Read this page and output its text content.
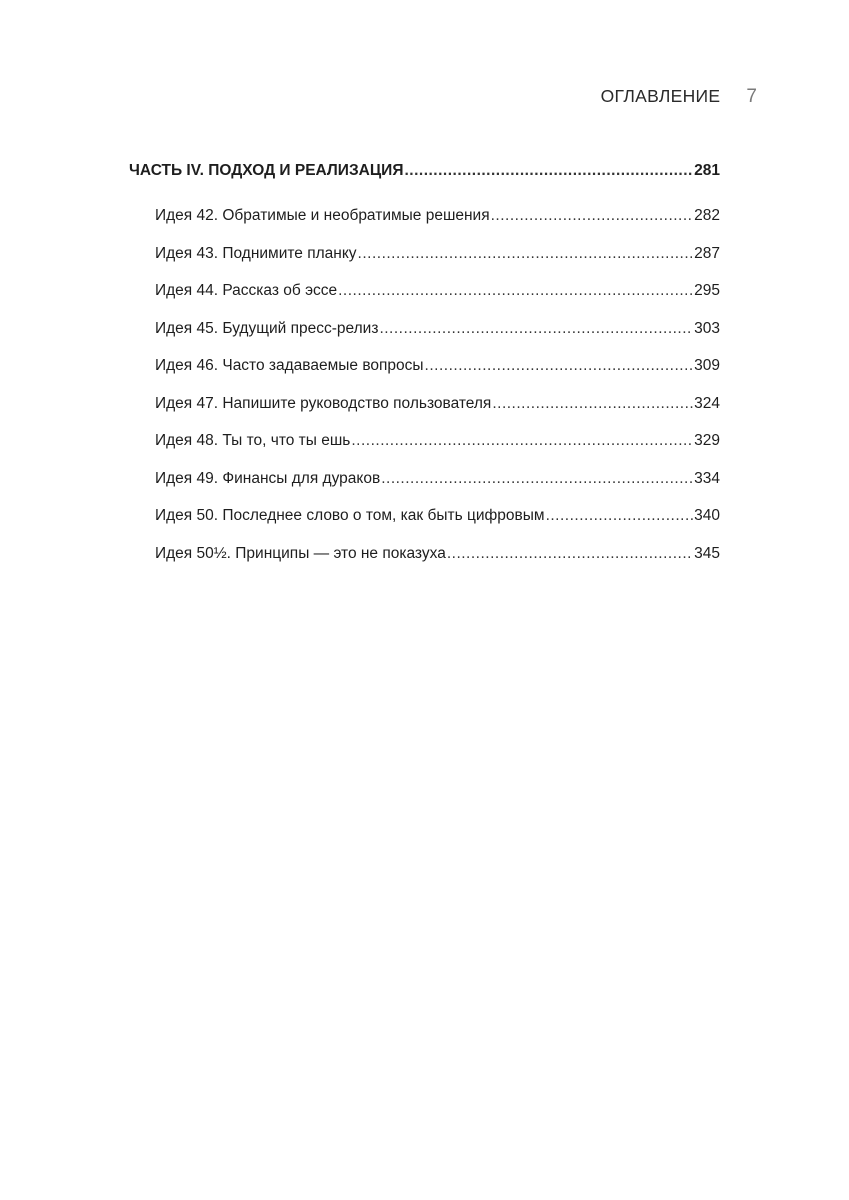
ОГЛАВЛЕНИЕ 7
ЧАСТЬ IV. ПОДХОД И РЕАЛИЗАЦИЯ .....	281
Идея 42. Обратимые и необратимые решения .....	282
Идея 43. Поднимите планку .....	287
Идея 44. Рассказ об эссе .....	295
Идея 45. Будущий пресс-релиз .....	303
Идея 46. Часто задаваемые вопросы .....	309
Идея 47. Напишите руководство пользователя .....	324
Идея 48. Ты то, что ты ешь .....	329
Идея 49. Финансы для дураков .....	334
Идея 50. Последнее слово о том, как быть цифровым .....	340
Идея 50½. Принципы — это не показуха .....	345
